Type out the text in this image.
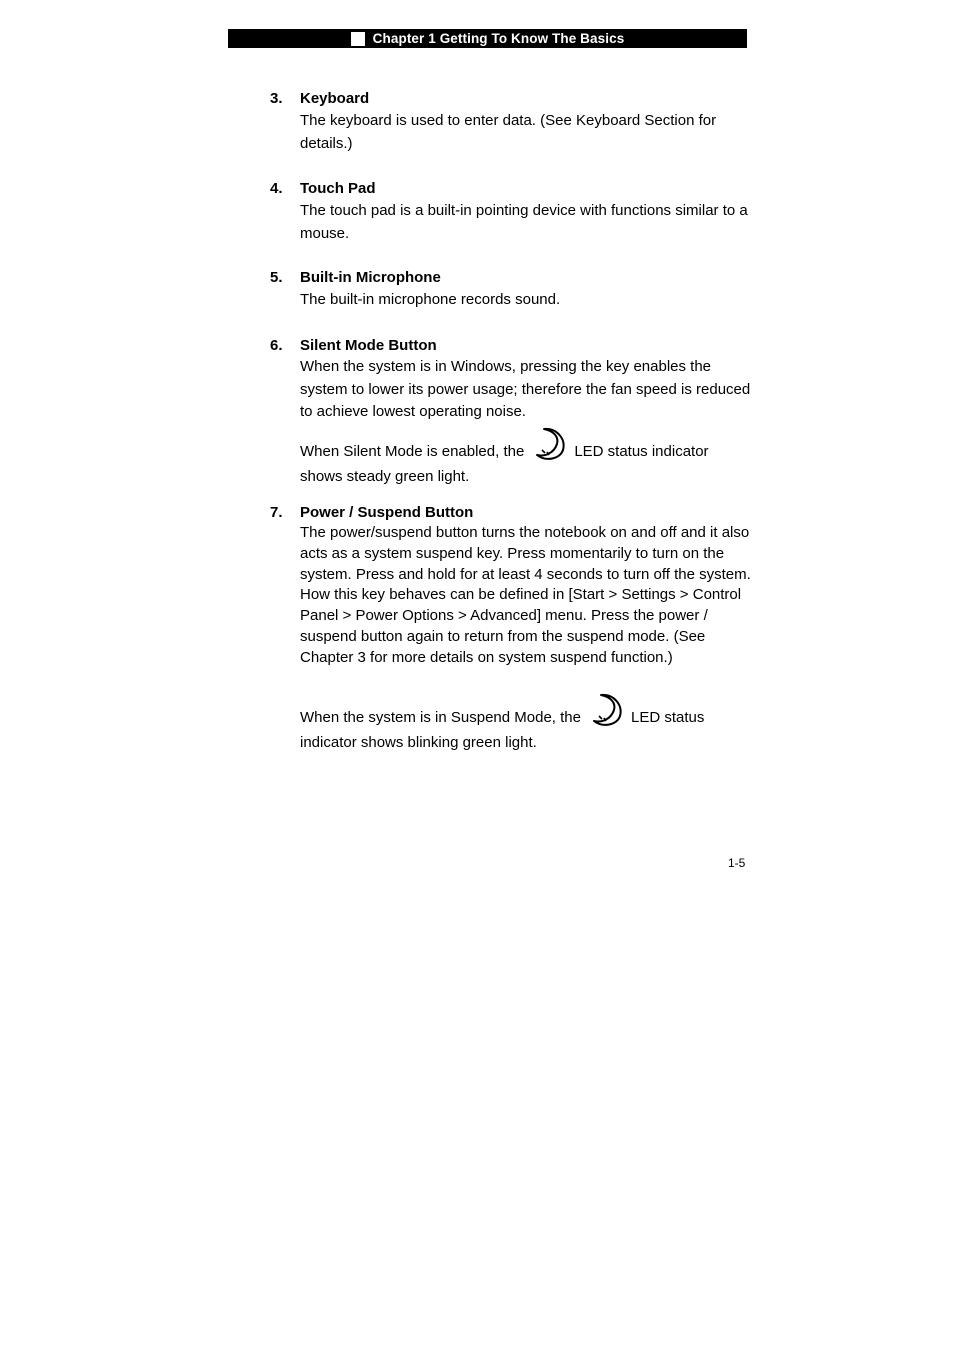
Chapter 1 Getting To Know The Basics
3. Keyboard
The keyboard is used to enter data. (See Keyboard Section for details.)
4. Touch Pad
The touch pad is a built-in pointing device with functions similar to a mouse.
5. Built-in Microphone
The built-in microphone records sound.
6. Silent Mode Button
When the system is in Windows, pressing the key enables the system to lower its power usage; therefore the fan speed is reduced to achieve lowest operating noise.
When Silent Mode is enabled, the	LED status indicator shows steady green light.
7. Power / Suspend Button
The power/suspend button turns the notebook on and off and it also acts as a system suspend key. Press momentarily to turn on the system. Press and hold for at least 4 seconds to turn off the system. How this key behaves can be defined in [Start > Settings > Control Panel > Power Options > Advanced] menu. Press the power / suspend button again to return from the suspend mode. (See Chapter 3 for more details on system suspend function.)
When the system is in Suspend Mode, the	LED status indicator shows blinking green light.
1-5
